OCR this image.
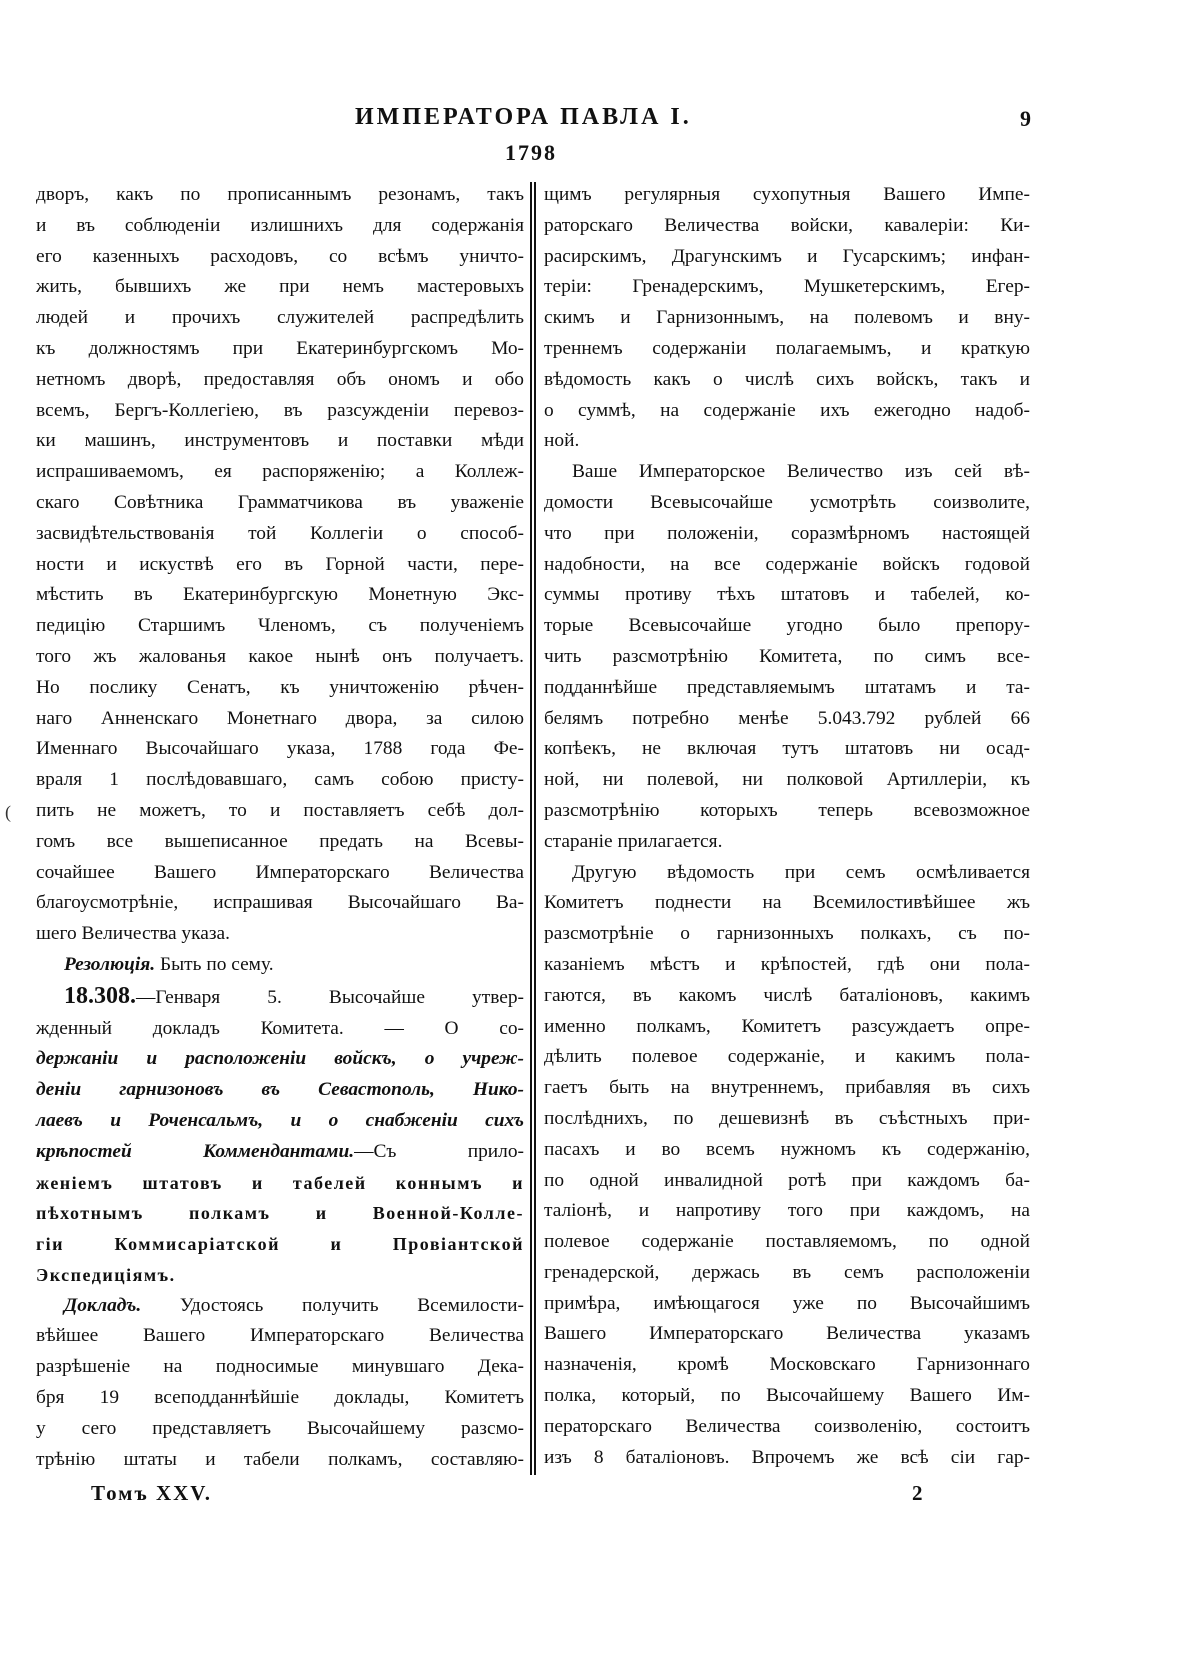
ИМПЕРАТОРА ПАВЛА I.	9
1798
дворъ, какъ по прописаннымъ резонамъ, такъ
и въ соблюденіи излишнихъ для содержанія
его казенныхъ расходовъ, со всѣмъ уничто-
жить, бывшихъ же при немъ мастеровыхъ
людей и прочихъ служителей распредѣлить
къ должностямъ при Екатеринбургскомъ Мо-
нетномъ дворѣ, предоставляя объ ономъ и обо
всемъ, Бергъ-Коллегіею, въ разсужденіи перевоз-
ки машинъ, инструментовъ и поставки мѣди
испрашиваемомъ, ея распоряженію; а Коллеж-
скаго Совѣтника Грамматчикова въ уваженіе
засвидѣтельствованія той Коллегіи о способ-
ности и искуствѣ его въ Горной части, пере-
мѣстить въ Екатеринбургскую Монетную Экс-
педицію Старшимъ Членомъ, съ полученіемъ
того жъ жалованья какое нынѣ онъ получаетъ.
Но послику Сенатъ, къ уничтоженію рѣчен-
наго Анненскаго Монетнаго двора, за силою
Именнаго Высочайшаго указа, 1788 года Фе-
враля 1 послѣдовавшаго, самъ собою присту-
пить не можетъ, то и поставляетъ себѣ дол-
гомъ все вышеписанное предать на Всевы-
сочайшее Вашего Императорскаго Величества
благоусмотрѣніе, испрашивая Высочайшаго Ва-
шего Величества указа.
Резолюція. Быть по сему.
18.308.—Генваря 5. Высочайше утвер-
жденный докладъ Комитета. — О со-
держаніи и расположеніи войскъ, о учреж-
деніи гарнизоновъ въ Севастополь, Нико-
лаевъ и Роченсальмъ, и о снабженіи сихъ
крѣпостей Коммендантами.—Съ прило-
женіемъ штатовъ и табелей коннымъ и
пѣхотнымъ полкамъ и Военной-Колле-
гіи Коммисаріатской и Провіантской
Экспедиціямъ.
Докладъ. Удостоясь получить Всемилости-
вѣйшее Вашего Императорскаго Величества
разрѣшеніе на подносимые минувшаго Дека-
бря 19 всеподданнѣйшіе доклады, Комитетъ
у сего представляетъ Высочайшему разсмо-
трѣнію штаты и табели полкамъ, составляю-
щимъ регулярныя сухопутныя Вашего Импе-
раторскаго Величества войски, кавалеріи: Ки-
расирскимъ, Драгунскимъ и Гусарскимъ; инфан-
теріи: Гренадерскимъ, Мушкетерскимъ, Егер-
скимъ и Гарнизоннымъ, на полевомъ и вну-
треннемъ содержаніи полагаемымъ, и краткую
вѣдомость какъ о числѣ сихъ войскъ, такъ и
о суммѣ, на содержаніе ихъ ежегодно надоб-
ной.
Ваше Императорское Величество изъ сей вѣ-
домости Всевысочайше усмотрѣть соизволите,
что при положеніи, соразмѣрномъ настоящей
надобности, на все содержаніе войскъ годовой
суммы противу тѣхъ штатовъ и табелей, ко-
торые Всевысочайше угодно было препору-
чить разсмотрѣнію Комитета, по симъ все-
подданнѣйше представляемымъ штатамъ и та-
белямъ потребно менѣе 5.043.792 рублей 66
копѣекъ, не включая тутъ штатовъ ни осад-
ной, ни полевой, ни полковой Артиллеріи, къ
разсмотрѣнію которыхъ теперь всевозможное
стараніе прилагается.
Другую вѣдомость при семъ осмѣливается
Комитетъ поднести на Всемилостивѣйшее жъ
разсмотрѣніе о гарнизонныхъ полкахъ, съ по-
казаніемъ мѣстъ и крѣпостей, гдѣ они пола-
гаются, въ какомъ числѣ баталіоновъ, какимъ
именно полкамъ, Комитетъ разсуждаетъ опре-
дѣлить полевое содержаніе, и какимъ пола-
гаетъ быть на внутреннемъ, прибавляя въ сихъ
послѣднихъ, по дешевизнѣ въ съѣстныхъ при-
пасахъ и во всемъ нужномъ къ содержанію,
по одной инвалидной ротѣ при каждомъ ба-
таліонѣ, и напротиву того при каждомъ, на
полевое содержаніе поставляемомъ, по одной
гренадерской, держась въ семъ расположеніи
примѣра, имѣющагося уже по Высочайшимъ
Вашего Императорскаго Величества указамъ
назначенія, кромѣ Московскаго Гарнизоннаго
полка, который, по Высочайшему Вашего Им-
ператорскаго Величества соизволенію, состоитъ
изъ 8 баталіоновъ. Впрочемъ же всѣ сіи гар-
Томъ XXV.	2
(
